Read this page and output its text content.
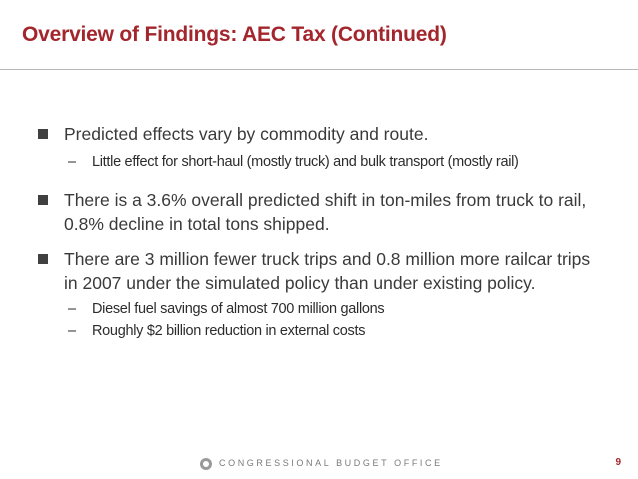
Overview of Findings: AEC Tax (Continued)
Predicted effects vary by commodity and route.
– Little effect for short-haul (mostly truck) and bulk transport (mostly rail)
There is a 3.6% overall predicted shift in ton-miles from truck to rail, 0.8% decline in total tons shipped.
There are 3 million fewer truck trips and 0.8 million more railcar trips in 2007 under the simulated policy than under existing policy.
– Diesel fuel savings of almost 700 million gallons
– Roughly $2 billion reduction in external costs
CONGRESSIONAL BUDGET OFFICE	9
